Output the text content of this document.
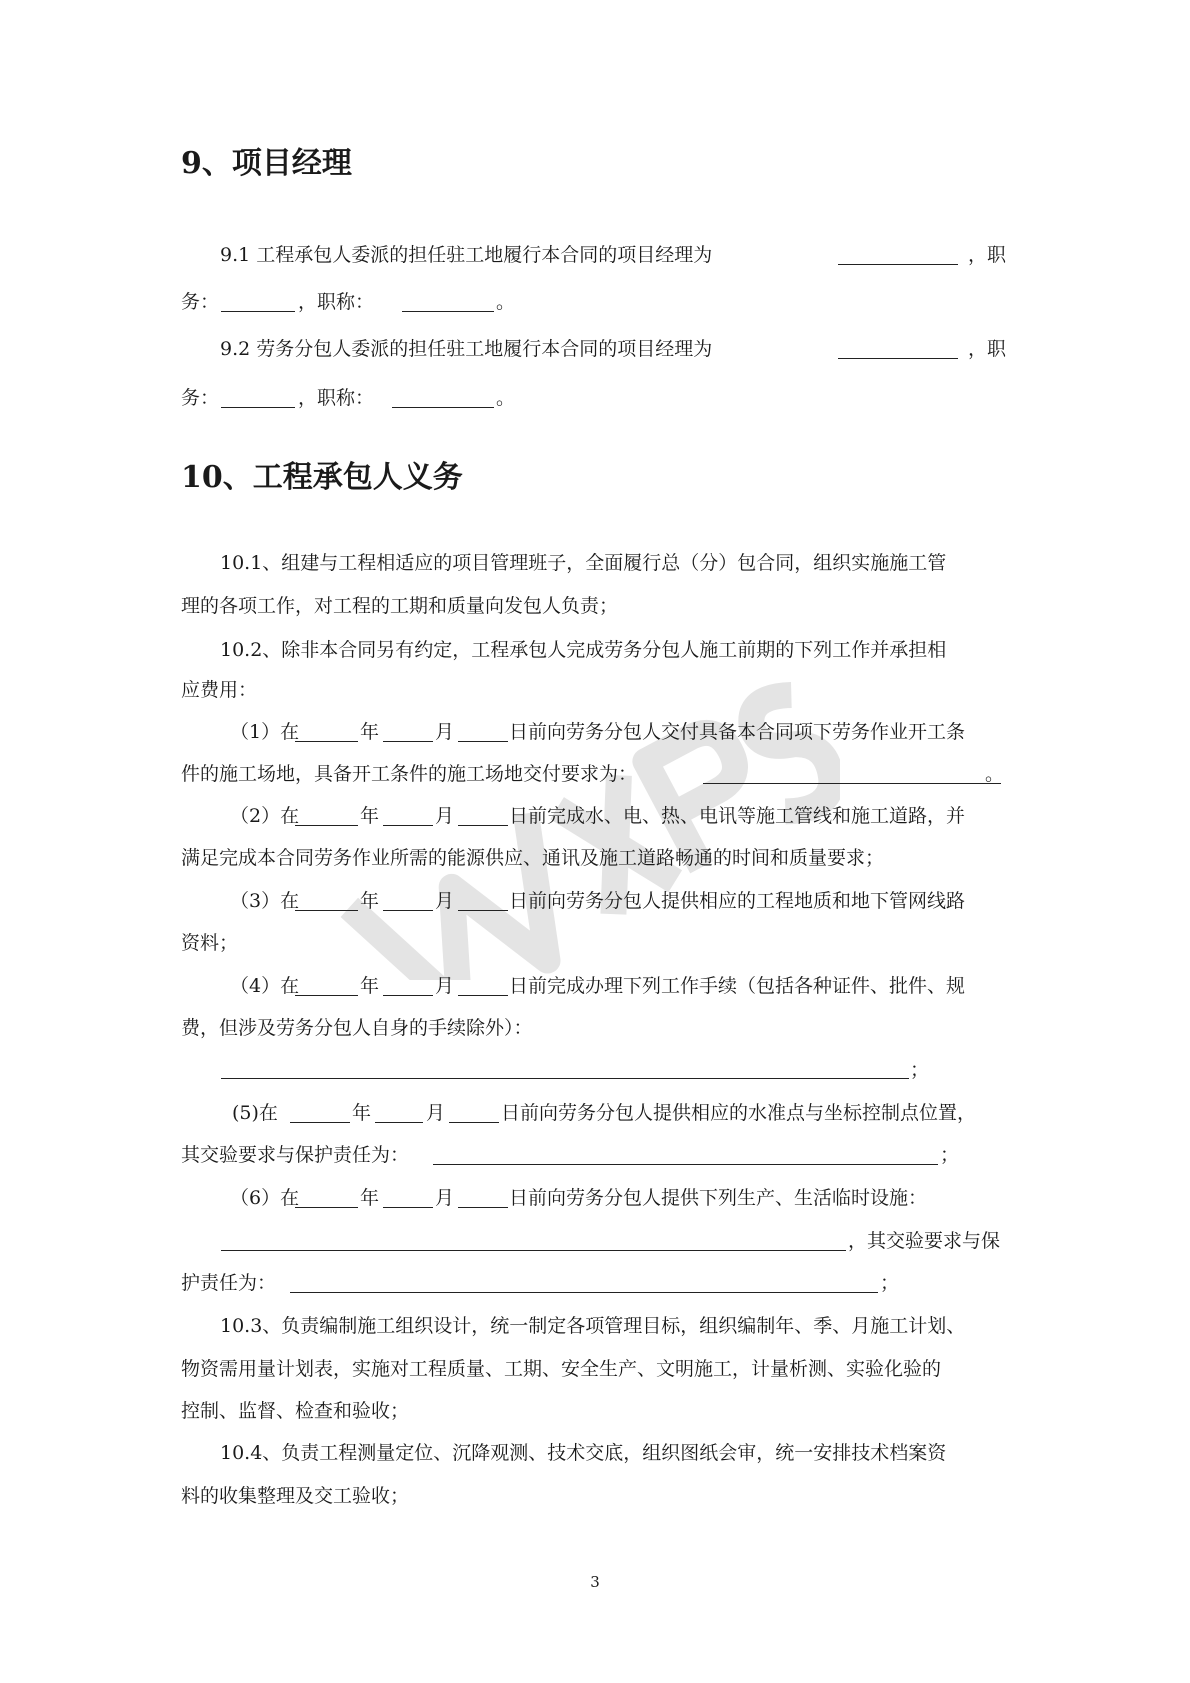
9、项目经理

9.1 工程承包人委派的担任驻工地履行本合同的项目经理为	，职

务：	，职称：	。

9.2 劳务分包人委派的担任驻工地履行本合同的项目经理为	，职

务：	，职称：	。
10、工程承包人义务

10.1、组建与工程相适应的项目管理班子，全面履行总（分）包合同，组织实施施工管

理的各项工作，对工程的工期和质量向发包人负责；

10.2、除非本合同另有约定，工程承包人完成劳务分包人施工前期的下列工作并承担相

应费用：

（1）在	年	月	日前向劳务分包人交付具备本合同项下劳务作业开工条

件的施工场地，具备开工条件的施工场地交付要求为：	。
（2）在	年	月	日前完成水、电、热、电讯等施工管线和施工道路，并

满足完成本合同劳务作业所需的能源供应、通讯及施工道路畅通的时间和质量要求；

（3）在	年	月	日前向劳务分包人提供相应的工程地质和地下管网线路

资料；

（4）在	年	月	日前完成办理下列工作手续（包括各种证件、批件、规

费，但涉及劳务分包人自身的手续除外）：

；
(5)在	年	月	日前向劳务分包人提供相应的水准点与坐标控制点位置，

其交验要求与保护责任为：	；
（6）在	年	月	日前向劳务分包人提供下列生产、生活临时设施：
，其交验要求与保

护责任为：	；

10.3、负责编制施工组织设计，统一制定各项管理目标，组织编制年、季、月施工计划、

物资需用量计划表，实施对工程质量、工期、安全生产、文明施工，计量析测、实验化验的

控制、监督、检查和验收；

10.4、负责工程测量定位、沉降观测、技术交底，组织图纸会审，统一安排技术档案资

料的收集整理及交工验收；

3
